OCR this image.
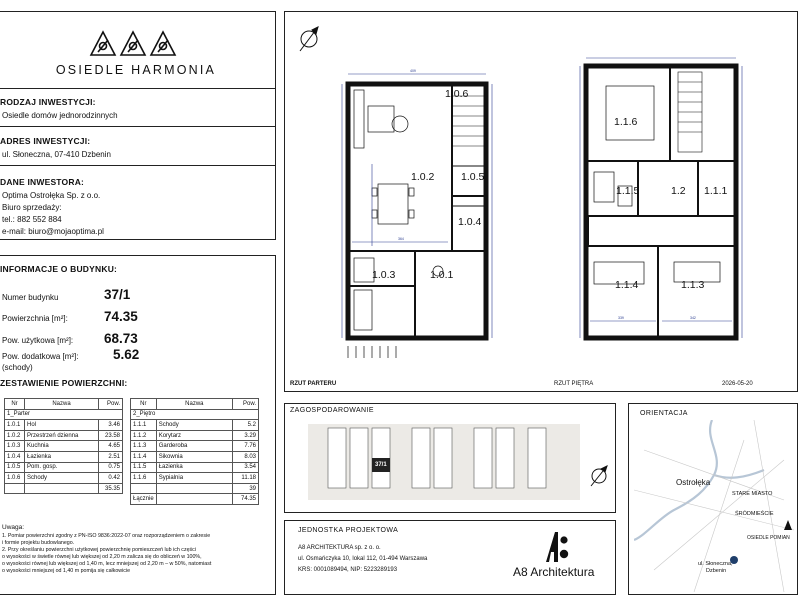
OSIEDLE HARMONIA
RODZAJ INWESTYCJI:
Osiedle domów jednorodzinnych
ADRES INWESTYCJI:
ul. Słoneczna, 07-410 Dzbenin
DANE INWESTORA:
Optima Ostrołęka Sp. z o.o.
Biuro sprzedaży:
tel.: 882 552 884
e-mail: biuro@mojaoptima.pl
INFORMACJE O BUDYNKU:
Numer budynku	37/1
Powierzchnia [m²]:	74.35
Pow. użytkowa [m²]: 68.73
Pow. dodatkowa [m²]:	5.62
(schody)
ZESTAWIENIE POWIERZCHNI:
Nr	Nazwa	Pow.
1_Parter		
1.0.1	Hol	3.46
1.0.2	Przestrzeń dzienna	23.58
1.0.3	Kuchnia	4.65
1.0.4	Łazienka	2.51
1.0.5	Pom. gosp.	0.75
1.0.6	Schody	0.42
		35.35
Nr	Nazwa	Pow.
2_Piętro		
1.1.1	Schody	5.2
1.1.2	Korytarz	3.29
1.1.3	Garderoba	7.76
1.1.4	Sikownia	8.03
1.1.5	Łazienka	3.54
1.1.6	Sypialnia	11.18
		39
Łącznie		74.35
Uwaga:
1. Pomiar powierzchni zgodny z PN-ISO 9836:2022-07 oraz rozporządzeniem o zakresie
i formie projektu budowlanego.
2. Przy określaniu powierzchni użytkowej powierzchnię pomieszczeń lub ich części
o wysokości w świetle równej lub większej od 2,20 m zalicza się do obliczeń w 100%,
o wysokości równej lub większej od 1,40 m, lecz mniejszej od 2,20 m – w 50%, natomiast
o wysokości mniejszej od 1,40 m pomija się całkowicie
409
364
1.0.6
1.0.2	1.0.5
1.0.4
1.0.3	1.0.1
339	342
1.1.6
1.1.5	1.2 1.1.1
1.1.4	1.1.3
RZUT PARTERU	RZUT PIĘTRA	2026-05-20
ZAGOSPODAROWANIE
37/1
ORIENTACJA
Ostrołęka
STARE MIASTO
ŚRÓDMIEŚCIE
OSIEDLE POMIAN
ul. Słoneczna,
Dzbenin
JEDNOSTKA PROJEKTOWA
A8 ARCHITEKTURA sp. z o. o.
ul. Osmańczyka 10, lokal 112, 01-494 Warszawa
KRS: 0001089494, NIP: 5223289193	A8 Architektura
